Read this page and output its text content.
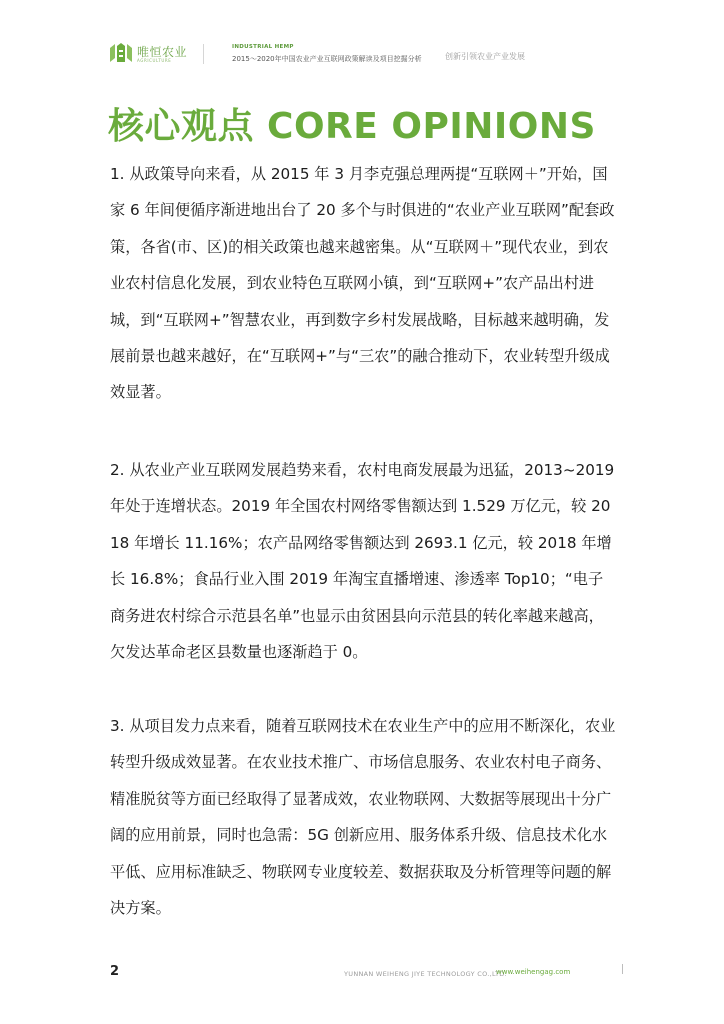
唯恒农业
AGRICULTURE
INDUSTRIAL HEMP
2015～2020年中国农业产业互联网政策解读及项目挖掘分析	创新引领农业产业发展
核心观点 CORE OPINIONS

1. 从政策导向来看，从 2015 年 3 月李克强总理两提“互联网＋”开始，国家 6 年间便循序渐进地出台了 20 多个与时俱进的“农业产业互联网”配套政策，各省(市、区)的相关政策也越来越密集。从“互联网＋”现代农业，到农业农村信息化发展，到农业特色互联网小镇，到“互联网+”农产品出村进城，到“互联网+”智慧农业，再到数字乡村发展战略，目标越来越明确，发展前景也越来越好，在“互联网+”与“三农”的融合推动下，农业转型升级成效显著。

2. 从农业产业互联网发展趋势来看，农村电商发展最为迅猛，2013~2019 年处于连增状态。2019 年全国农村网络零售额达到 1.529 万亿元，较 2018 年增长 11.16%；农产品网络零售额达到 2693.1 亿元，较 2018 年增长 16.8%；食品行业入围 2019 年淘宝直播增速、渗透率 Top10；“电子商务进农村综合示范县名单”也显示由贫困县向示范县的转化率越来越高，欠发达革命老区县数量也逐渐趋于 0。

3. 从项目发力点来看，随着互联网技术在农业生产中的应用不断深化，农业转型升级成效显著。在农业技术推广、市场信息服务、农业农村电子商务、精准脱贫等方面已经取得了显著成效，农业物联网、大数据等展现出十分广阔的应用前景，同时也急需：5G 创新应用、服务体系升级、信息技术化水平低、应用标准缺乏、物联网专业度较差、数据获取及分析管理等问题的解决方案。

2	YUNNAN WEIHENG JIYE TECHNOLOGY CO.,LTD.
www.weihengag.com
